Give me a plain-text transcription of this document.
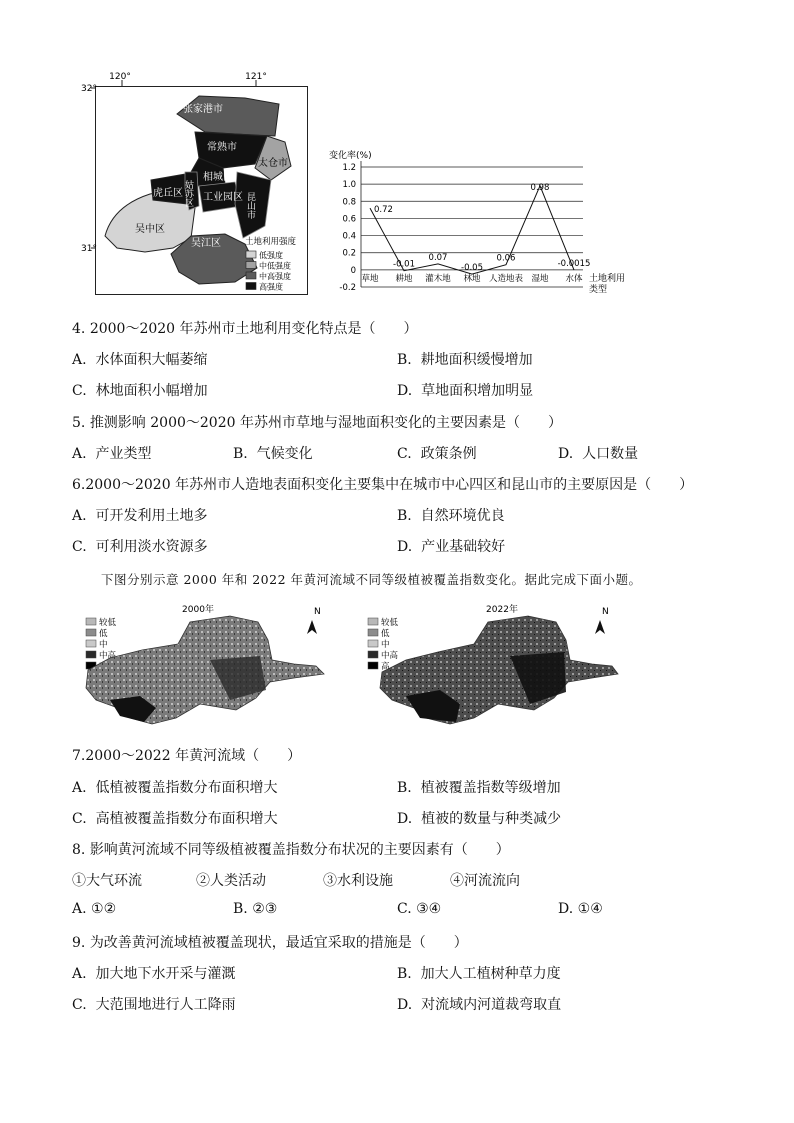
120°	121°
32°
31°
张家港市
常熟市
太仓市
相城区
虎丘区 姑苏区 工业园区 昆山市
吴中区
吴江区	土地利用强度
低强度
中低强度
中高强度
高强度
变化率(%)
1.2
1.0
0.8
0.6
0.4
0.2
0
-0.2
0.72
-0.01
0.07
-0.05
0.06
0.98
-0.0015
草地 耕地 灌木地 林地 人造地表 湿地 水体 土地利用
类型
4. 2000～2020 年苏州市土地利用变化特点是（　　）
A. 水体面积大幅萎缩	B. 耕地面积缓慢增加
C. 林地面积小幅增加	D. 草地面积增加明显
5. 推测影响 2000～2020 年苏州市草地与湿地面积变化的主要因素是（　　）
A. 产业类型	B. 气候变化	C. 政策条例	D. 人口数量
6.2000～2020 年苏州市人造地表面积变化主要集中在城市中心四区和昆山市的主要原因是（　　）
A. 可开发利用土地多	B. 自然环境优良
C. 可利用淡水资源多	D. 产业基础较好
下图分别示意 2000 年和 2022 年黄河流域不同等级植被覆盖指数变化。据此完成下面小题。
2000年
较低
低
中
中高
N	2022年
较低
低
中
中高
高
N
7.2000～2022 年黄河流域（　　）
A. 低植被覆盖指数分布面积增大	B. 植被覆盖指数等级增加
C. 高植被覆盖指数分布面积增大	D. 植被的数量与种类减少
8. 影响黄河流域不同等级植被覆盖指数分布状况的主要因素有（　　）
①大气环流	②人类活动	③水利设施	④河流流向
A. ①②	B. ②③	C. ③④	D. ①④
9. 为改善黄河流域植被覆盖现状，最适宜采取的措施是（　　）
A. 加大地下水开采与灌溉	B. 加大人工植树种草力度
C. 大范围地进行人工降雨	D. 对流域内河道裁弯取直
